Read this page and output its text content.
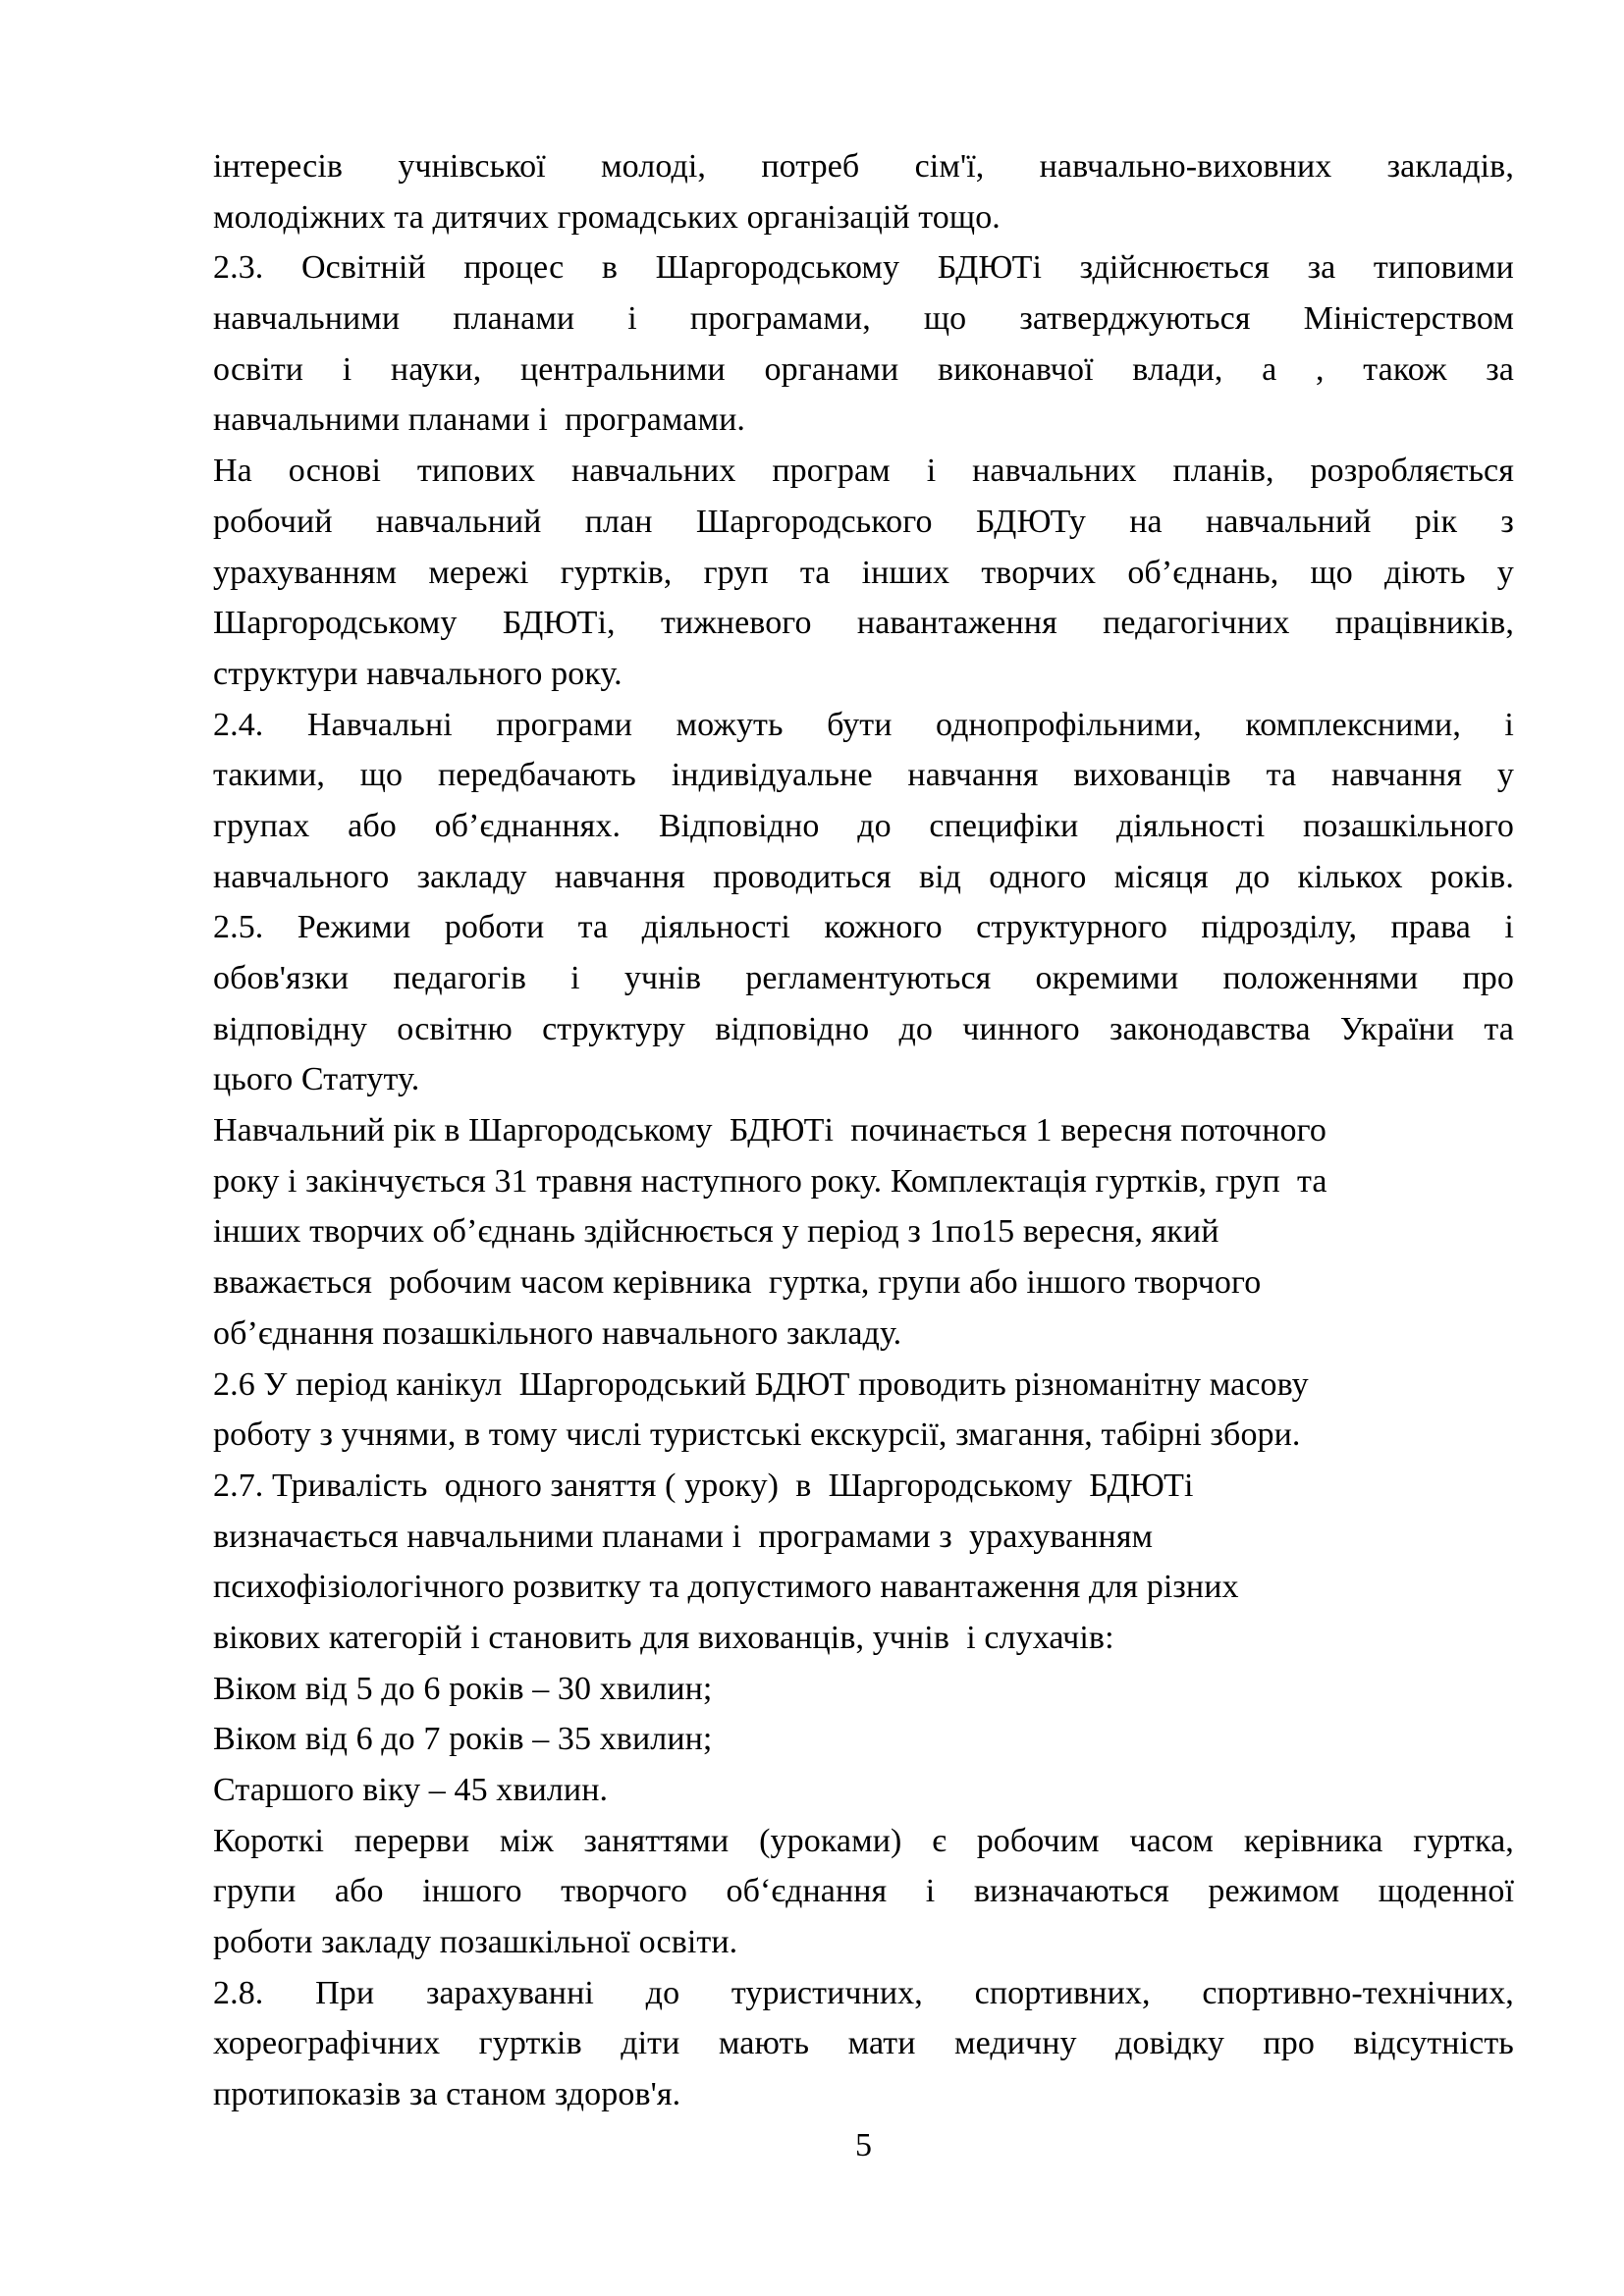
інтересів учнівської молоді, потреб сім'ї, навчально-виховних закладів,
молодіжних та дитячих громадських організацій тощо.
2.3. Освітній процес в Шаргородському БДЮТі здійснюється за типовими
навчальними планами і програмами, що затверджуються Міністерством
освіти і науки, центральними органами виконавчої влади, а , також за
навчальними планами і  програмами.
На основі типових навчальних програм і навчальних планів, розробляється
робочий навчальний план Шаргородського БДЮТу на навчальний рік з
урахуванням мережі гуртків, груп та інших творчих об’єднань, що діють у
Шаргородському БДЮТі, тижневого навантаження педагогічних працівників,
структури навчального року.
2.4. Навчальні програми можуть бути однопрофільними, комплексними, і
такими, що передбачають індивідуальне навчання вихованців та навчання у
групах або об’єднаннях. Відповідно до специфіки діяльності позашкільного
навчального закладу навчання проводиться від одного місяця до кількох років.
2.5. Режими роботи та діяльності кожного структурного підрозділу, права і
обов'язки педагогів і учнів регламентуються окремими положеннями про
відповідну освітню структуру відповідно до чинного законодавства України та
цього Статуту.
Навчальний рік в Шаргородському  БДЮТі  починається 1 вересня поточного
року і закінчується 31 травня наступного року. Комплектація гуртків, груп  та
інших творчих об’єднань здійснюється у період з 1по15 вересня, який
вважається  робочим часом керівника  гуртка, групи або іншого творчого
об’єднання позашкільного навчального закладу.
2.6 У період канікул  Шаргородський БДЮТ проводить різноманітну масову
роботу з учнями, в тому числі туристські екскурсії, змагання, табірні збори.
2.7. Тривалість  одного заняття ( уроку)  в  Шаргородському  БДЮТі
визначається навчальними планами і  програмами з  урахуванням
психофізіологічного розвитку та допустимого навантаження для різних
вікових категорій і становить для вихованців, учнів  і слухачів:
Віком від 5 до 6 років – 30 хвилин;
Віком від 6 до 7 років – 35 хвилин;
Старшого віку – 45 хвилин.
Короткі перерви між заняттями (уроками) є робочим часом керівника гуртка,
групи або іншого творчого об‘єднання і визначаються режимом щоденної
роботи закладу позашкільної освіти.
2.8. При зарахуванні до туристичних, спортивних, спортивно-технічних,
хореографічних гуртків діти мають мати медичну довідку про відсутність
протипоказів за станом здоров'я.
5
